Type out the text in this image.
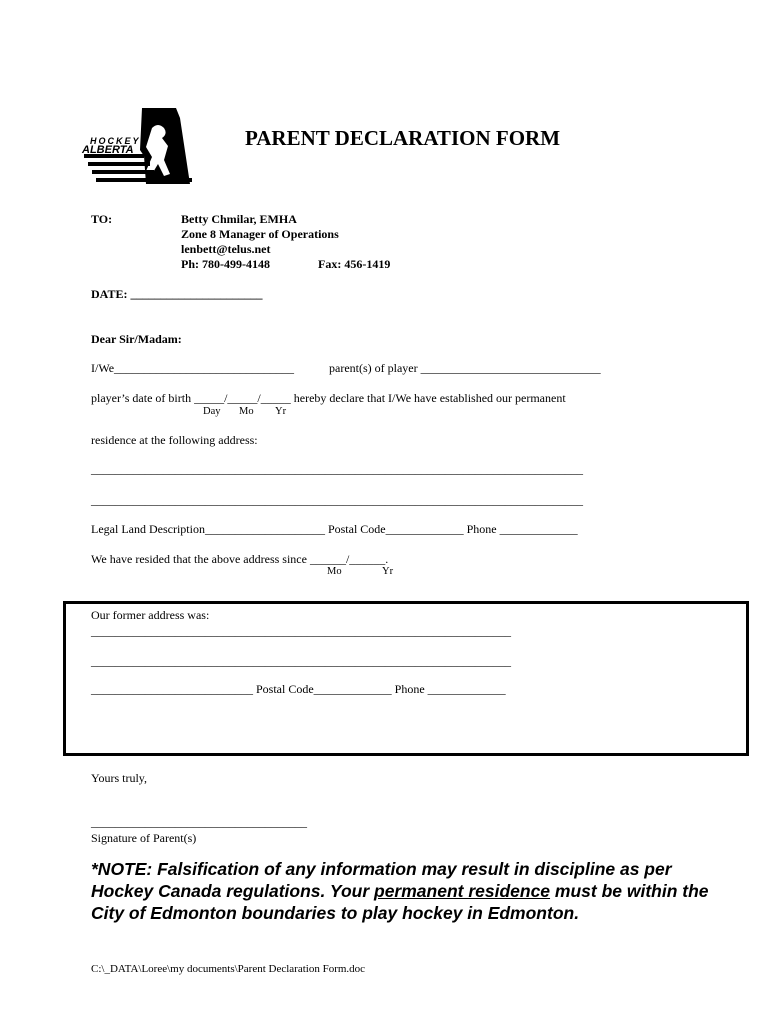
HOCKEY
ALBERTA	PARENT DECLARATION FORM
TO:	Betty Chmilar, EMHA
Zone 8 Manager of Operations
lenbett@telus.net
Ph: 780-499-4148	Fax: 456-1419
DATE: ______________________
Dear Sir/Madam:
I/We______________________________	parent(s) of player ______________________________
player’s date of birth _____/_____/_____ hereby declare that I/We have established our permanent
Day Mo Yr
residence at the following address:
__________________________________________________________________________________
__________________________________________________________________________________
Legal Land Description____________________ Postal Code_____________ Phone _____________
We have resided that the above address since ______/______.
Mo	Yr
Our former address was:
______________________________________________________________________
______________________________________________________________________
___________________________ Postal Code_____________ Phone _____________
Yours truly,
____________________________________
Signature of Parent(s)
*NOTE: Falsification of any information may result in discipline as per Hockey Canada regulations. Your permanent residence must be within the City of Edmonton boundaries to play hockey in Edmonton.
C:\_DATA\Loree\my documents\Parent Declaration Form.doc
